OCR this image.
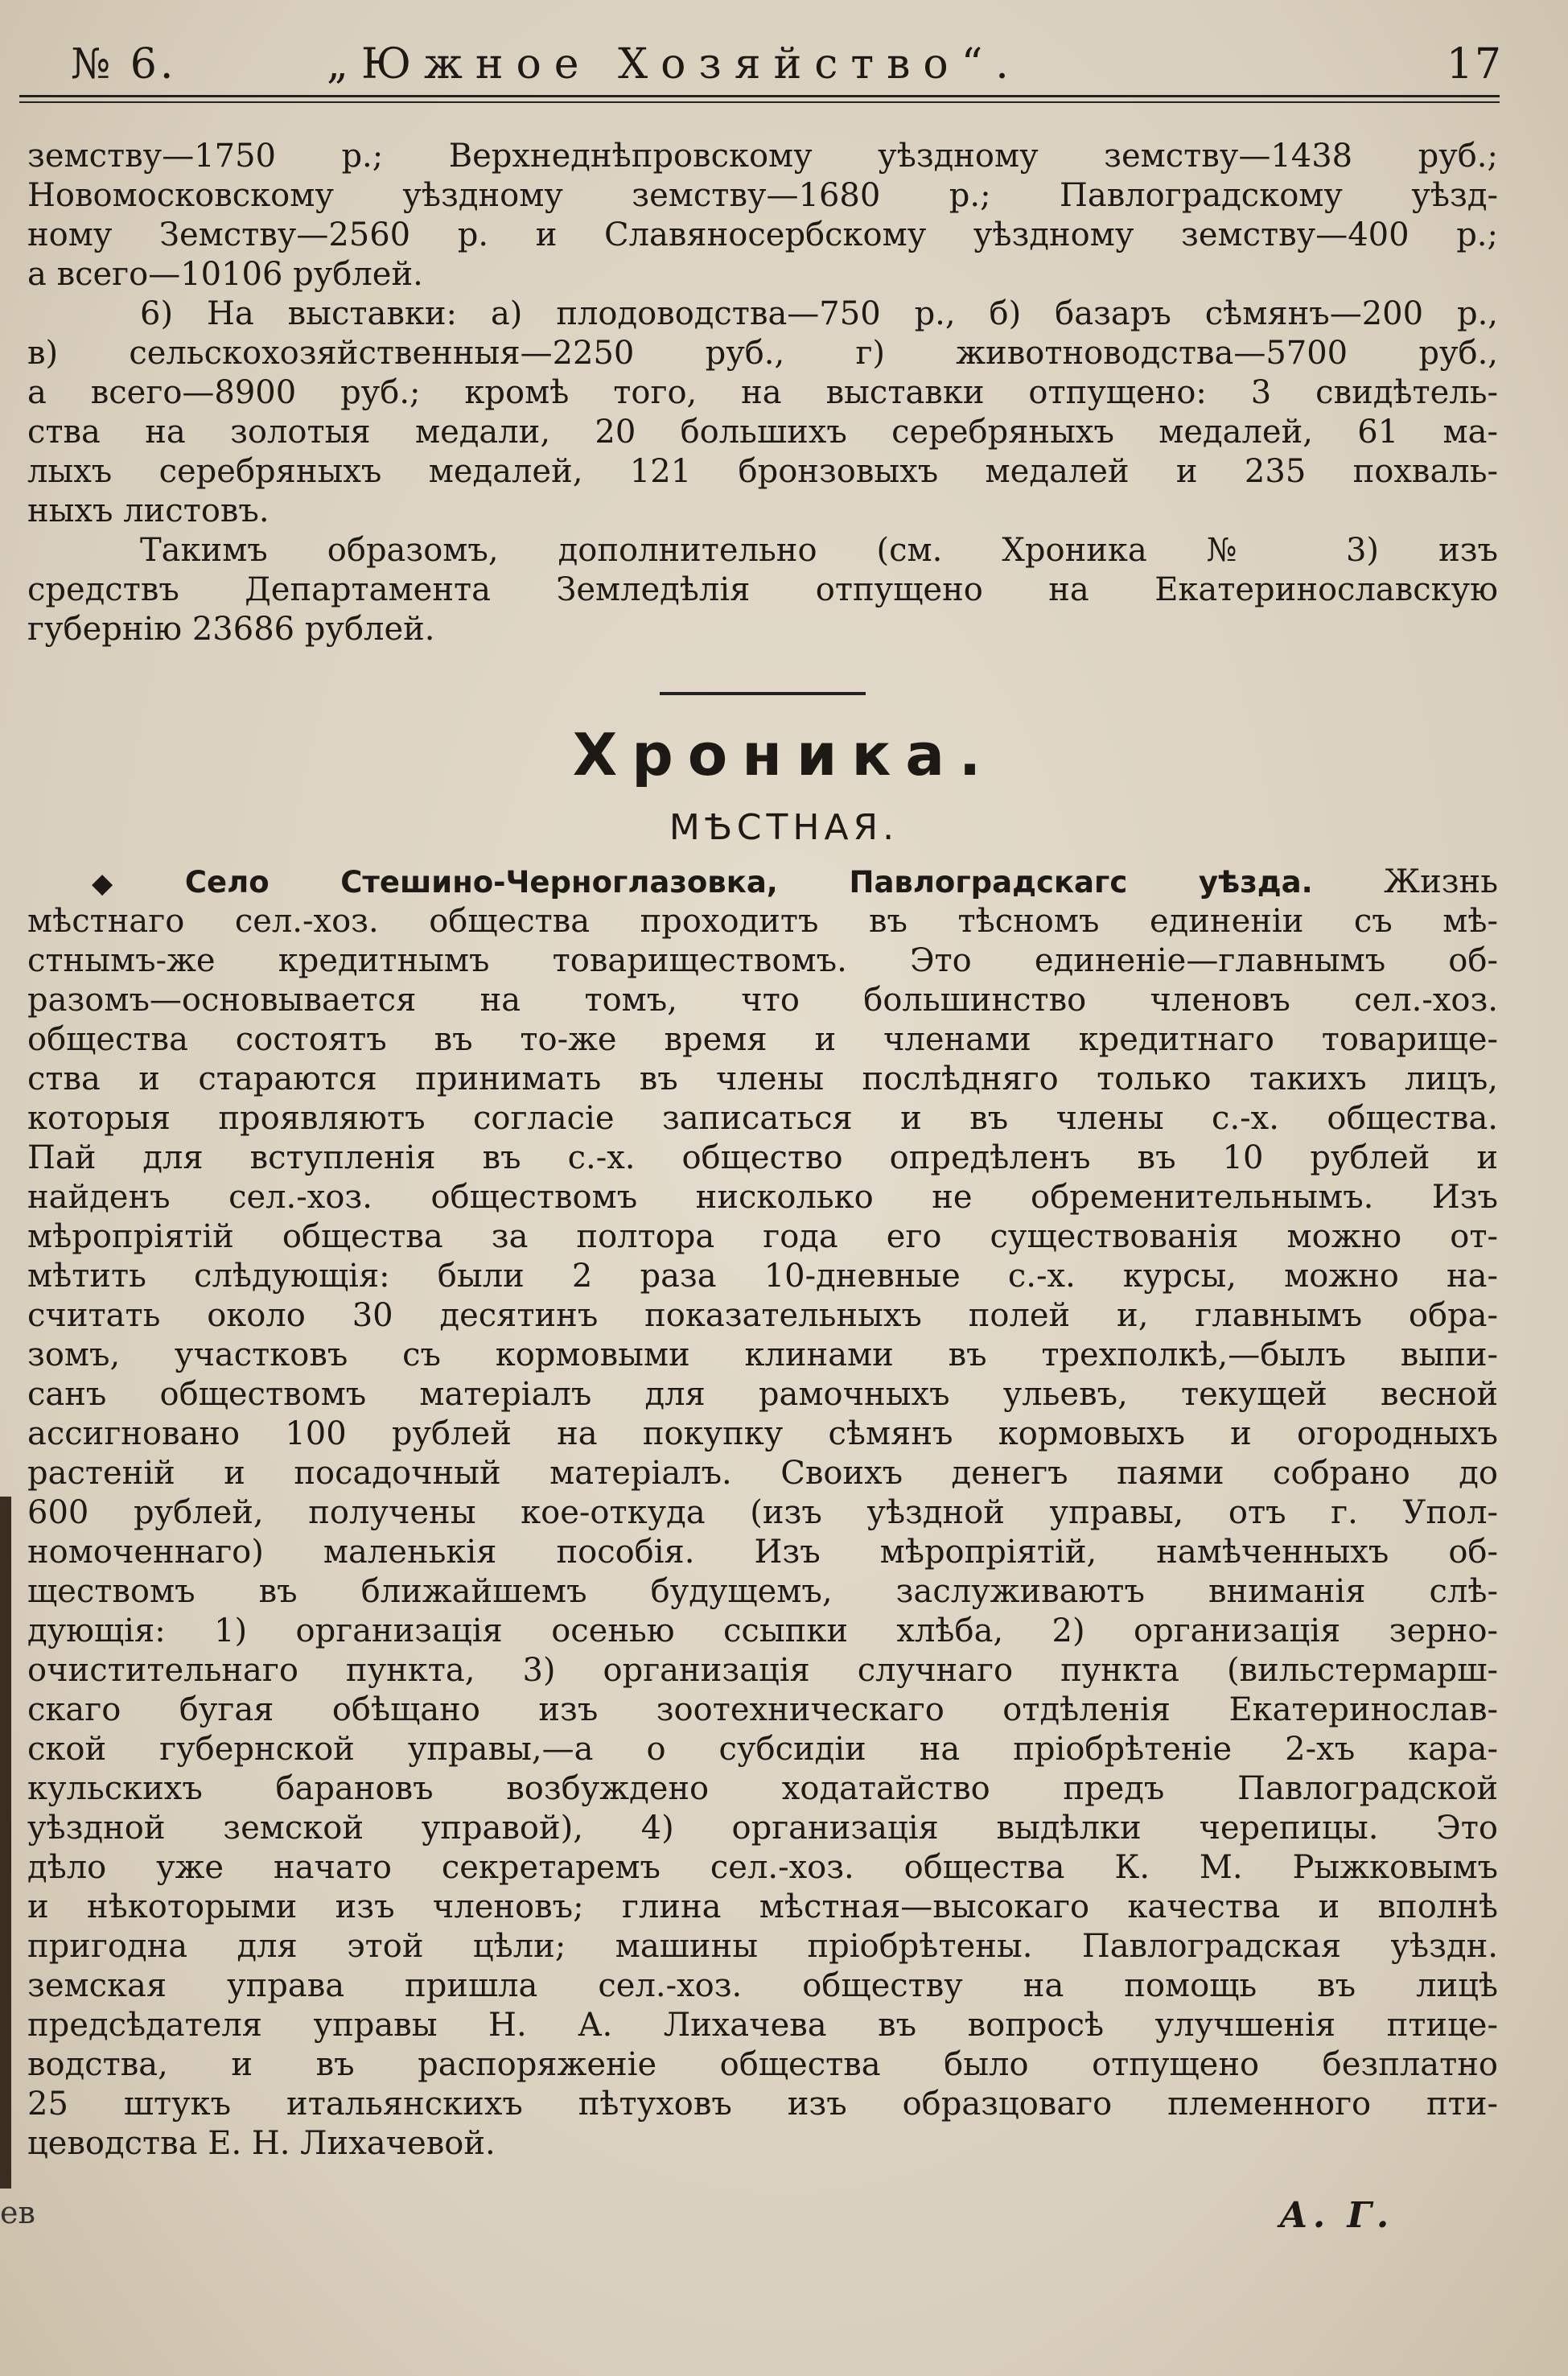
№ 6.	„Южное Хозяйство“.	17
земству—1750 р.; Верхнеднѣпровскому уѣздному земству—1438 руб.;
Новомосковскому уѣздному земству—1680 р.; Павлоградскому уѣзд-
ному Земству—2560 р. и Славяносербскому уѣздному земству—400 р.;
а всего—10106 рублей.
6) На выставки: а) плодоводства—750 р., б) базаръ сѣмянъ—200 р.,
в) сельскохозяйственныя—2250 руб., г) животноводства—5700 руб.,
а всего—8900 руб.; кромѣ того, на выставки отпущено: 3 свидѣтель-
ства на золотыя медали, 20 большихъ серебряныхъ медалей, 61 ма-
лыхъ серебряныхъ медалей, 121 бронзовыхъ медалей и 235 похваль-
ныхъ листовъ.
Такимъ образомъ, дополнительно (см. Хроника № 3) изъ
средствъ Департамента Земледѣлія отпущено на Екатеринославскую
губернію 23686 рублей.
Хроника.
МѢСТНАЯ.
◆ Село Стешино-Черноглазовка, Павлоградскагс уѣзда. Жизнь
мѣстнаго сел.-хоз. общества проходитъ въ тѣсномъ единеніи съ мѣ-
стнымъ-же кредитнымъ товариществомъ. Это единеніе—главнымъ об-
разомъ—основывается на томъ, что большинство членовъ сел.-хоз.
общества состоятъ въ то-же время и членами кредитнаго товарище-
ства и стараются принимать въ члены послѣдняго только такихъ лицъ,
которыя проявляютъ согласіе записаться и въ члены с.-х. общества.
Пай для вступленія въ с.-х. общество опредѣленъ въ 10 рублей и
найденъ сел.-хоз. обществомъ нисколько не обременительнымъ. Изъ
мѣропріятій общества за полтора года его существованія можно от-
мѣтить слѣдующія: были 2 раза 10-дневные с.-х. курсы, можно на-
считать около 30 десятинъ показательныхъ полей и, главнымъ обра-
зомъ, участковъ съ кормовыми клинами въ трехполкѣ,—былъ выпи-
санъ обществомъ матеріалъ для рамочныхъ ульевъ, текущей весной
ассигновано 100 рублей на покупку сѣмянъ кормовыхъ и огородныхъ
растеній и посадочный матеріалъ. Своихъ денегъ паями собрано до
600 рублей, получены кое-откуда (изъ уѣздной управы, отъ г. Упол-
номоченнаго) маленькія пособія. Изъ мѣропріятій, намѣченныхъ об-
ществомъ въ ближайшемъ будущемъ, заслуживаютъ вниманія слѣ-
дующія: 1) организація осенью ссыпки хлѣба, 2) организація зерно-
очистительнаго пункта, 3) организація случнаго пункта (вильстермарш-
скаго бугая обѣщано изъ зоотехническаго отдѣленія Екатеринослав-
ской губернской управы,—а о субсидіи на пріобрѣтеніе 2-хъ кара-
кульскихъ барановъ возбуждено ходатайство предъ Павлоградской
уѣздной земской управой), 4) организація выдѣлки черепицы. Это
дѣло уже начато секретаремъ сел.-хоз. общества К. М. Рыжковымъ
и нѣкоторыми изъ членовъ; глина мѣстная—высокаго качества и вполнѣ
пригодна для этой цѣли; машины пріобрѣтены. Павлоградская уѣздн.
земская управа пришла сел.-хоз. обществу на помощь въ лицѣ
предсѣдателя управы Н. А. Лихачева въ вопросѣ улучшенія птице-
водства, и въ распоряженіе общества было отпущено безплатно
25 штукъ итальянскихъ пѣтуховъ изъ образцоваго племенного пти-
цеводства Е. Н. Лихачевой.
ев	А. Г.
